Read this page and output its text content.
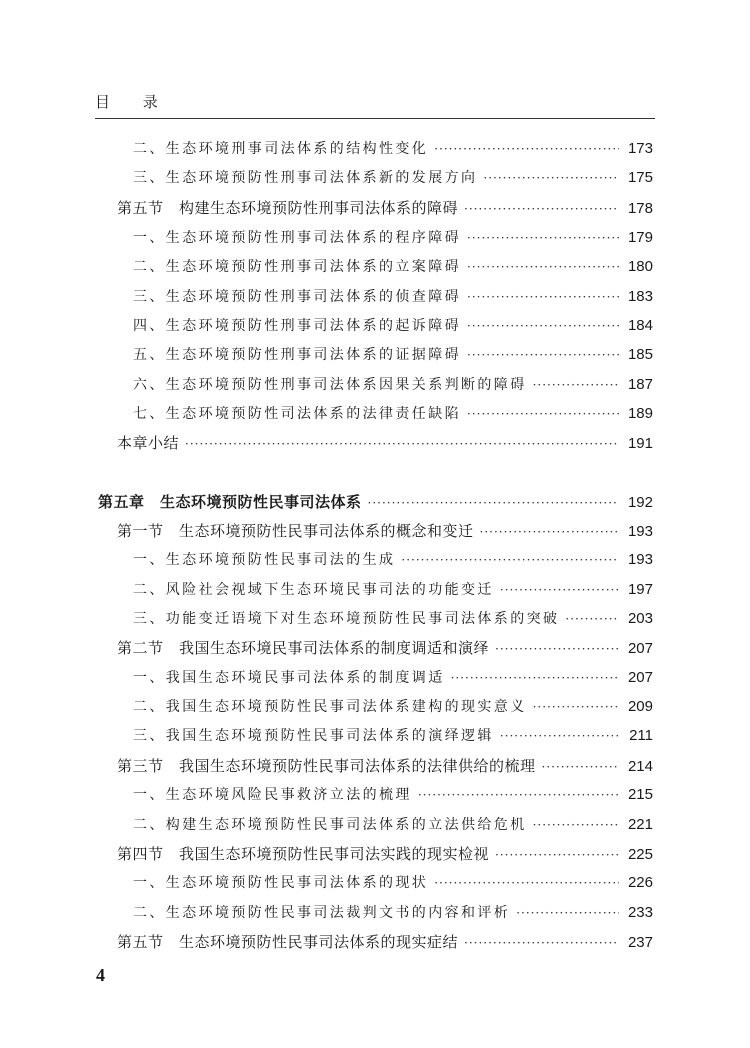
目 录
二、生态环境刑事司法体系的结构性变化 ·····	173
三、生态环境预防性刑事司法体系新的发展方向 ·····	175
第五节　构建生态环境预防性刑事司法体系的障碍 ·····	178
一、生态环境预防性刑事司法体系的程序障碍 ·····	179
二、生态环境预防性刑事司法体系的立案障碍 ·····	180
三、生态环境预防性刑事司法体系的侦查障碍 ·····	183
四、生态环境预防性刑事司法体系的起诉障碍 ·····	184
五、生态环境预防性刑事司法体系的证据障碍 ·····	185
六、生态环境预防性刑事司法体系因果关系判断的障碍 ·····	187
七、生态环境预防性司法体系的法律责任缺陷 ·····	189
本章小结 ·····	191
第五章　生态环境预防性民事司法体系 ·····	192
第一节　生态环境预防性民事司法体系的概念和变迁 ·····	193
一、生态环境预防性民事司法的生成 ·····	193
二、风险社会视域下生态环境民事司法的功能变迁 ·····	197
三、功能变迁语境下对生态环境预防性民事司法体系的突破 ·····	203
第二节　我国生态环境民事司法体系的制度调适和演绎 ·····	207
一、我国生态环境民事司法体系的制度调适 ·····	207
二、我国生态环境预防性民事司法体系建构的现实意义 ·····	209
三、我国生态环境预防性民事司法体系的演绎逻辑 ·····	211
第三节　我国生态环境预防性民事司法体系的法律供给的梳理 ·····	214
一、生态环境风险民事救济立法的梳理 ·····	215
二、构建生态环境预防性民事司法体系的立法供给危机 ·····	221
第四节　我国生态环境预防性民事司法实践的现实检视 ·····	225
一、生态环境预防性民事司法体系的现状 ·····	226
二、生态环境预防性民事司法裁判文书的内容和评析 ·····	233
第五节　生态环境预防性民事司法体系的现实症结 ·····	237
4
